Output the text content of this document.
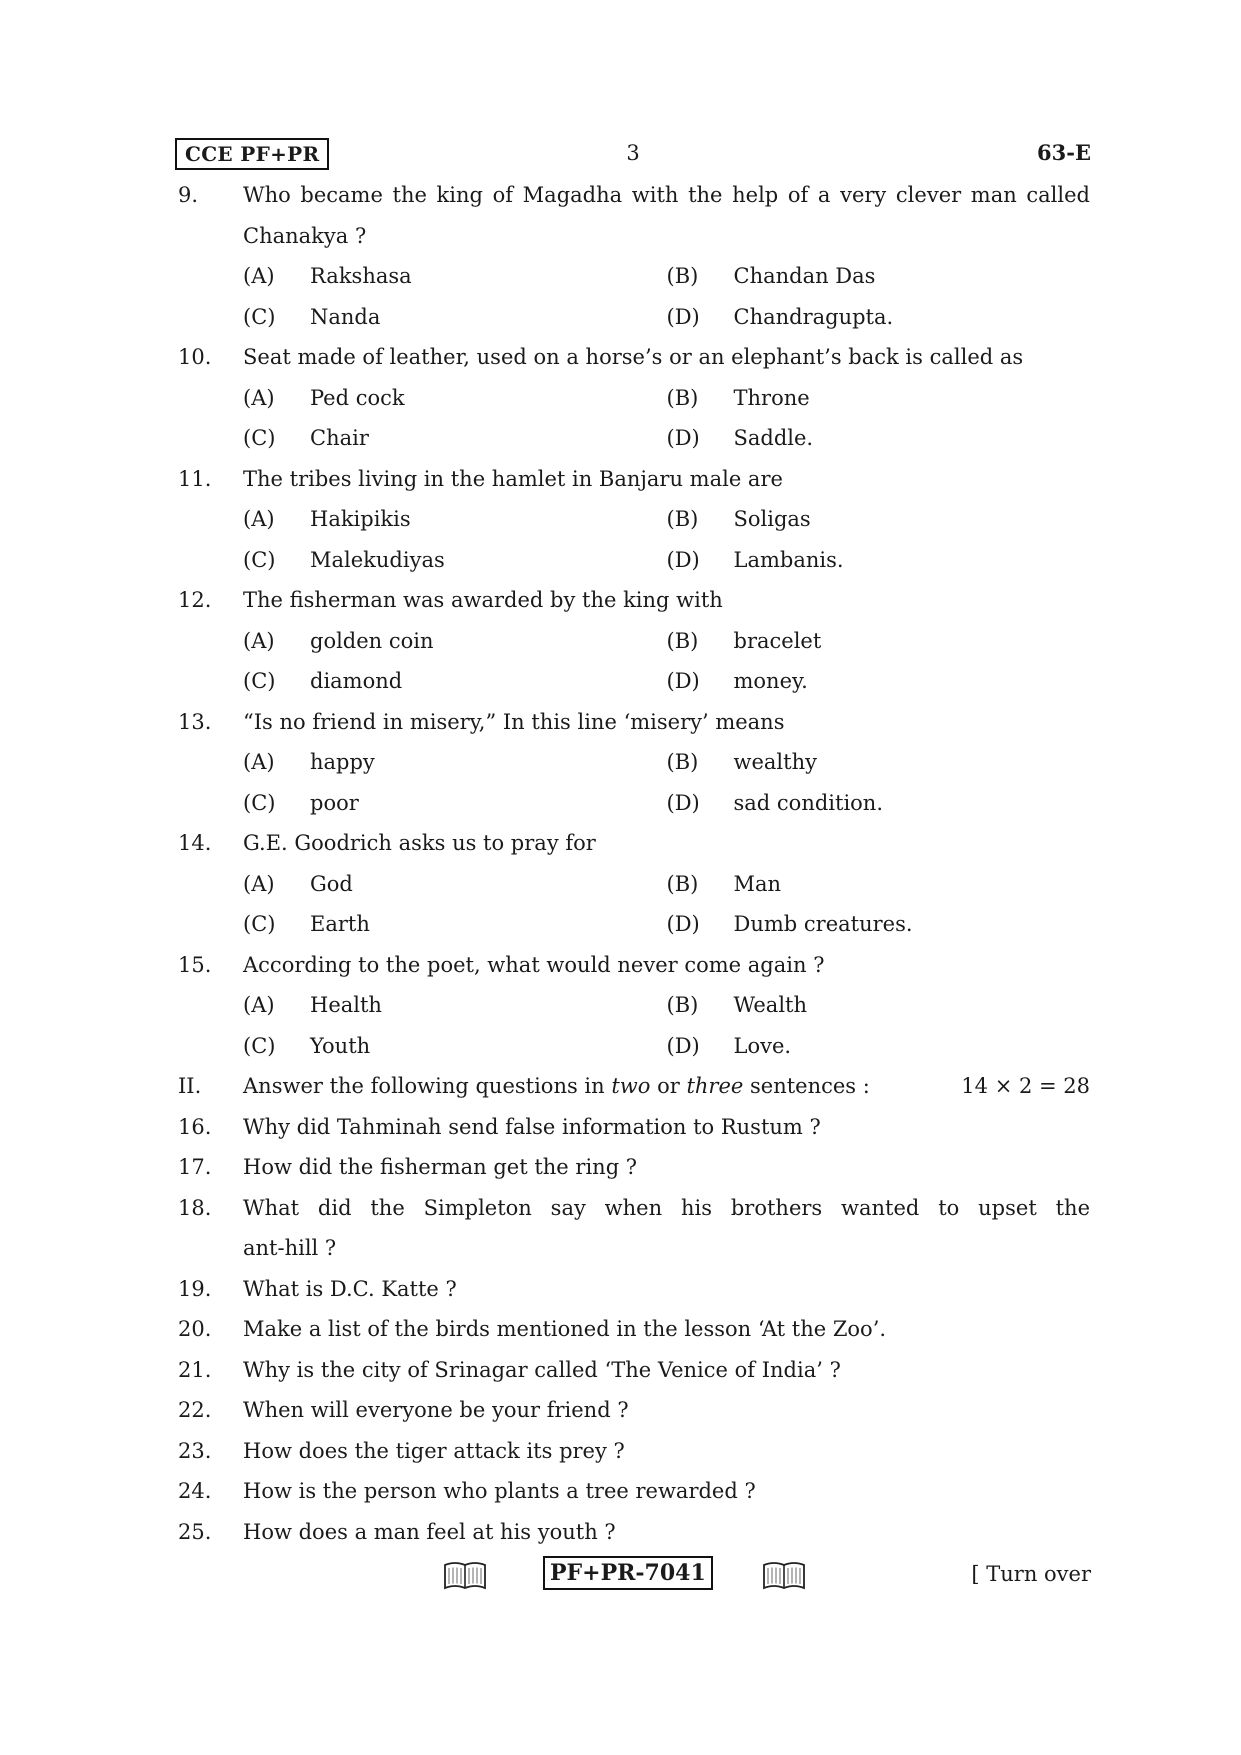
CCE PF+PR	3	63-E
9.	Who became the king of Magadha with the help of a very clever man called
Chanakya ?
(A)	Rakshasa	(B)	Chandan Das
(C)	Nanda	(D)	Chandragupta.
10.	Seat made of leather, used on a horse’s or an elephant’s back is called as
(A)	Ped cock	(B)	Throne
(C)	Chair	(D)	Saddle.
11.	The tribes living in the hamlet in Banjaru male are
(A)	Hakipikis	(B)	Soligas
(C)	Malekudiyas	(D)	Lambanis.
12.	The fisherman was awarded by the king with
(A)	golden coin	(B)	bracelet
(C)	diamond	(D)	money.
13.	“Is no friend in misery,” In this line ‘misery’ means
(A)	happy	(B)	wealthy
(C)	poor	(D)	sad condition.
14.	G.E. Goodrich asks us to pray for
(A)	God	(B)	Man
(C)	Earth	(D)	Dumb creatures.
15.	According to the poet, what would never come again ?
(A)	Health	(B)	Wealth
(C)	Youth	(D)	Love.
II.	Answer the following questions in two or three sentences :	14 × 2 = 28
16.	Why did Tahminah send false information to Rustum ?
17.	How did the fisherman get the ring ?
18.	What did the Simpleton say when his brothers wanted to upset the
ant-hill ?
19.	What is D.C. Katte ?
20.	Make a list of the birds mentioned in the lesson ‘At the Zoo’.
21.	Why is the city of Srinagar called ‘The Venice of India’ ?
22.	When will everyone be your friend ?
23.	How does the tiger attack its prey ?
24.	How is the person who plants a tree rewarded ?
25.	How does a man feel at his youth ?
PF+PR-7041	[ Turn over
